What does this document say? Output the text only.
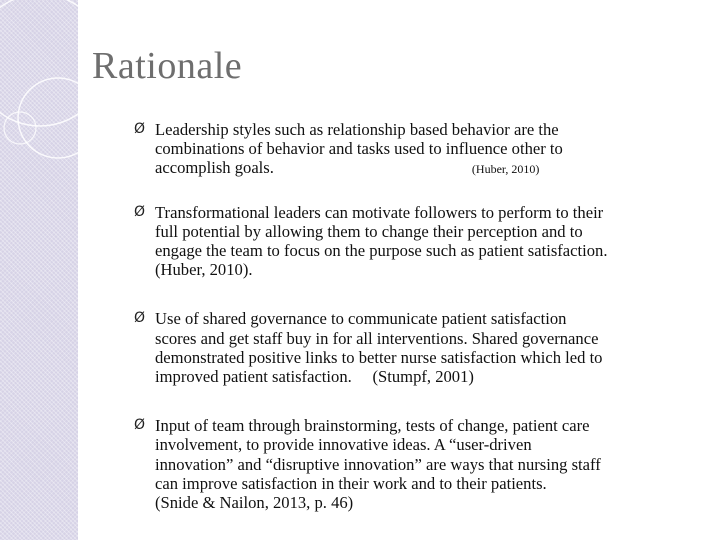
Rationale
Ø Leadership styles such as relationship based behavior are the
combinations of behavior and tasks used to influence other to
accomplish goals.	(Huber, 2010)
Ø Transformational leaders can motivate followers to perform to their
full potential by allowing them to change their perception and to
engage the team to focus on the purpose such as patient satisfaction.
(Huber, 2010).
Ø Use of shared governance to communicate patient satisfaction
scores and get staff buy in for all interventions. Shared governance
demonstrated positive links to better nurse satisfaction which led to
improved patient satisfaction.     (Stumpf, 2001)
Ø Input of team through brainstorming, tests of change, patient care
involvement, to provide innovative ideas. A “user-driven
innovation” and “disruptive innovation” are ways that nursing staff
can improve satisfaction in their work and to their patients.
(Snide & Nailon, 2013, p. 46)
